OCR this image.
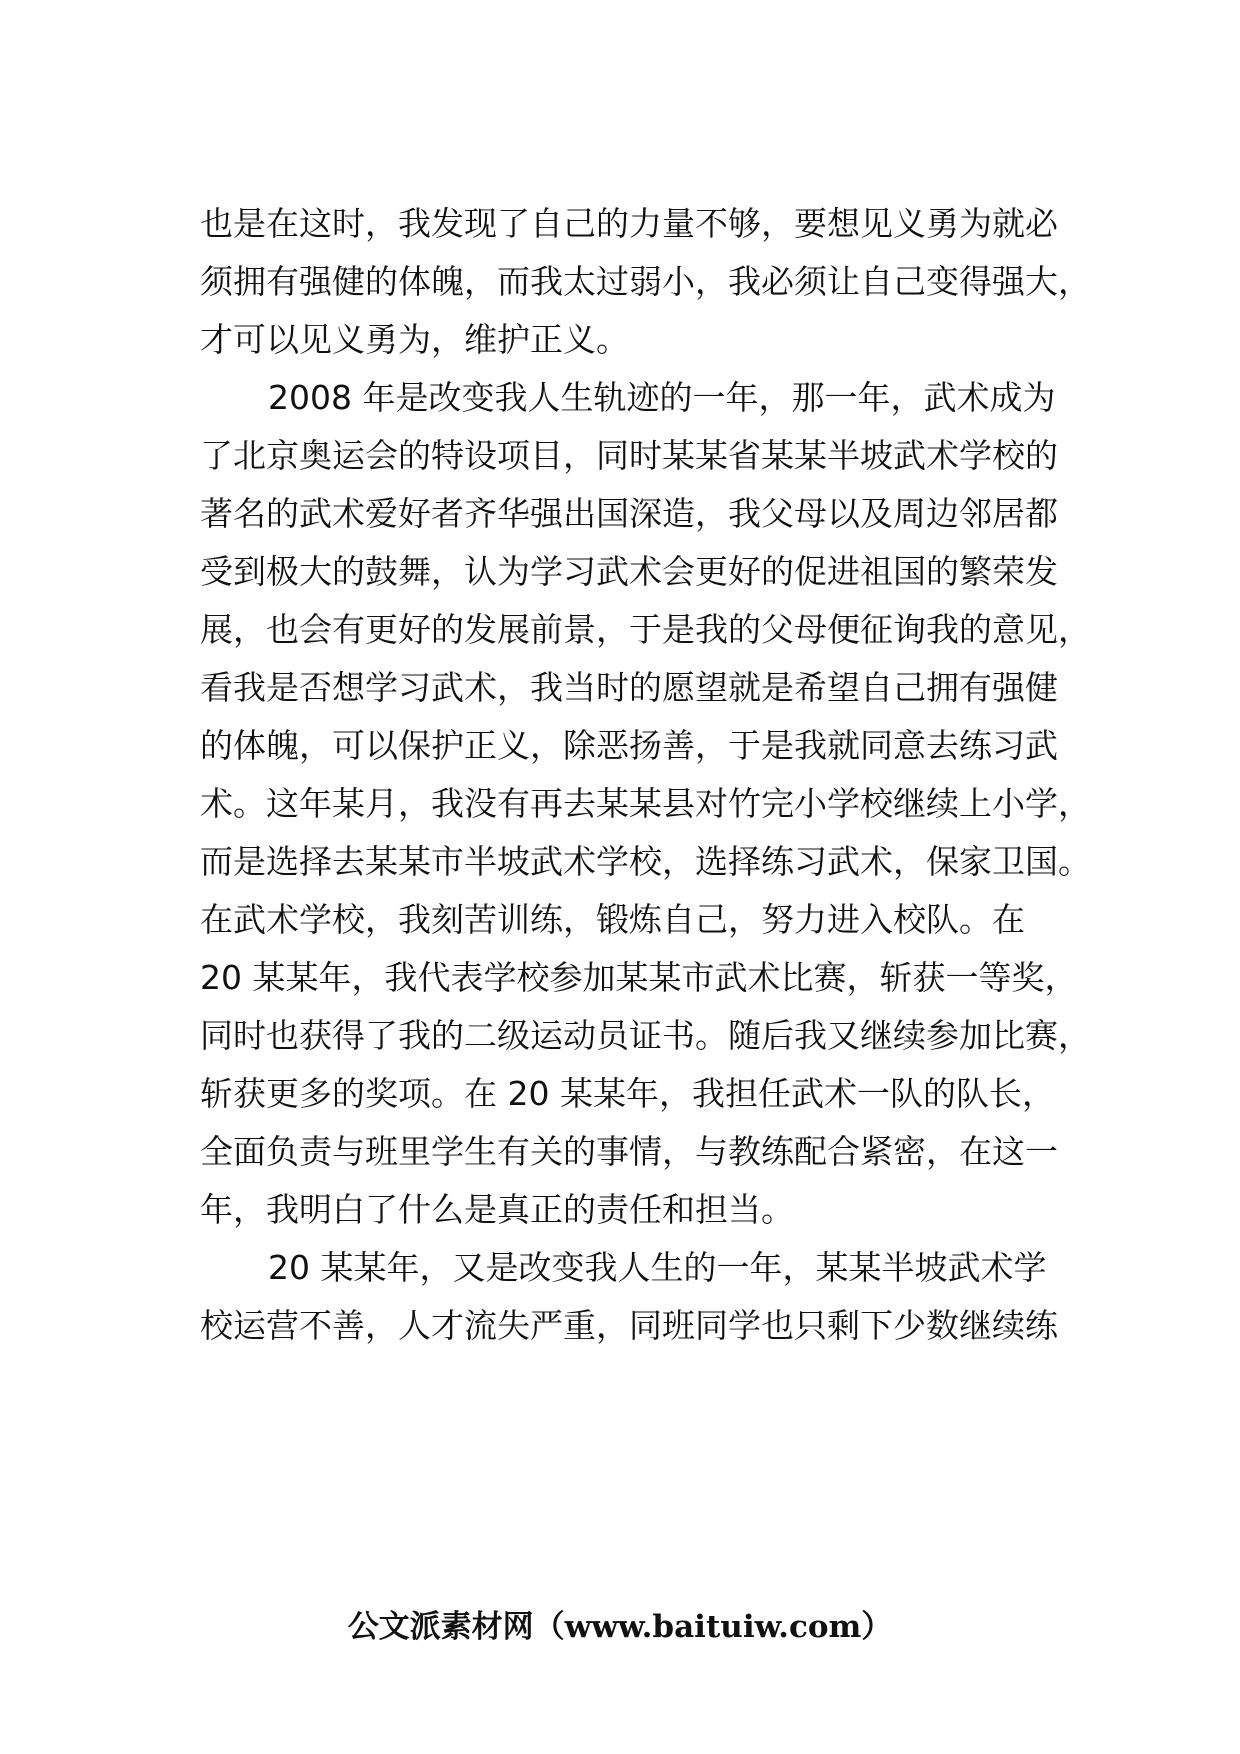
也是在这时，我发现了自己的力量不够，要想见义勇为就必
须拥有强健的体魄，而我太过弱小，我必须让自己变得强大，
才可以见义勇为，维护正义。
2008 年是改变我人生轨迹的一年，那一年，武术成为
了北京奥运会的特设项目，同时某某省某某半坡武术学校的
著名的武术爱好者齐华强出国深造，我父母以及周边邻居都
受到极大的鼓舞，认为学习武术会更好的促进祖国的繁荣发
展，也会有更好的发展前景，于是我的父母便征询我的意见，
看我是否想学习武术，我当时的愿望就是希望自己拥有强健
的体魄，可以保护正义，除恶扬善，于是我就同意去练习武
术。这年某月，我没有再去某某县对竹完小学校继续上小学，
而是选择去某某市半坡武术学校，选择练习武术，保家卫国。
在武术学校，我刻苦训练，锻炼自己，努力进入校队。在
20 某某年，我代表学校参加某某市武术比赛，斩获一等奖，
同时也获得了我的二级运动员证书。随后我又继续参加比赛，
斩获更多的奖项。在 20 某某年，我担任武术一队的队长，
全面负责与班里学生有关的事情，与教练配合紧密，在这一
年，我明白了什么是真正的责任和担当。
20 某某年，又是改变我人生的一年，某某半坡武术学
校运营不善，人才流失严重，同班同学也只剩下少数继续练
公文派素材网（www.baituiw.com）
